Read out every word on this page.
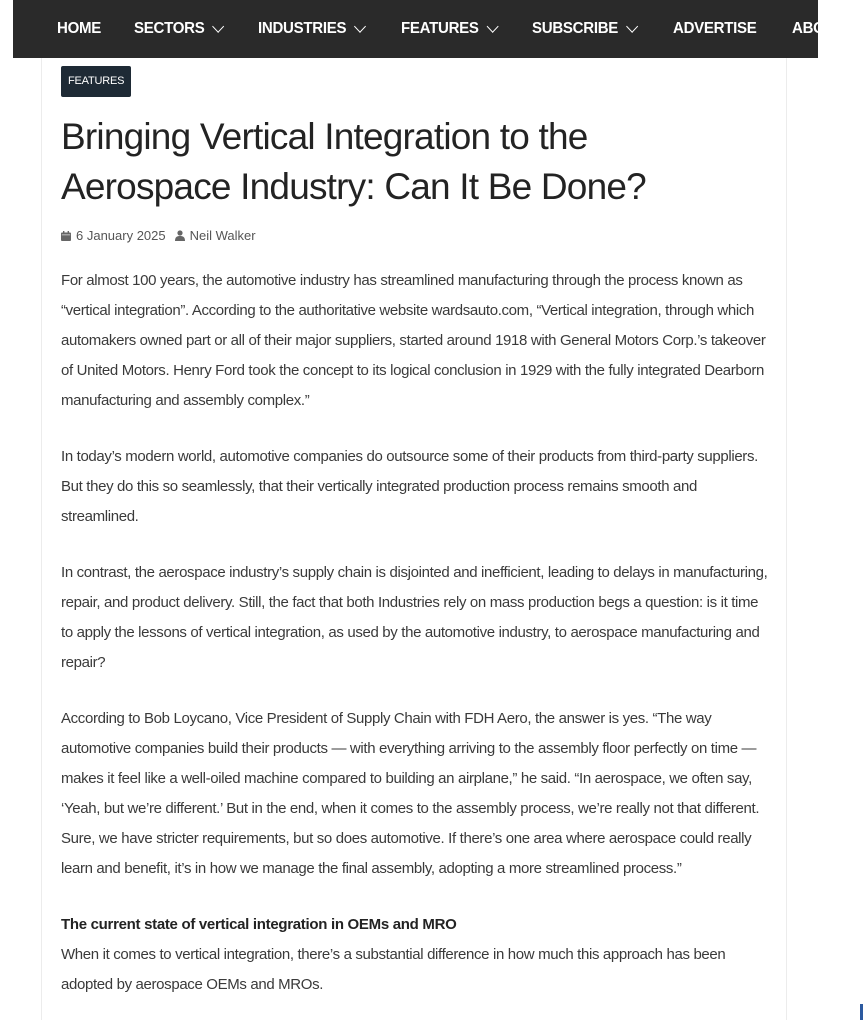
HOME SECTORS	INDUSTRIES	FEATURES	SUBSCRIBE	ADVERTISE ABOUT
FEATURES
Bringing Vertical Integration to the Aerospace Industry: Can It Be Done?
6 January 2025 Neil Walker

For almost 100 years, the automotive industry has streamlined manufacturing through the process known as “vertical integration”. According to the authoritative website wardsauto.com, “Vertical integration, through which automakers owned part or all of their major suppliers, started around 1918 with General Motors Corp.’s takeover of United Motors. Henry Ford took the concept to its logical conclusion in 1929 with the fully integrated Dearborn manufacturing and assembly complex.”

In today’s modern world, automotive companies do outsource some of their products from third-party suppliers. But they do this so seamlessly, that their vertically integrated production process remains smooth and streamlined.

In contrast, the aerospace industry’s supply chain is disjointed and inefficient, leading to delays in manufacturing, repair, and product delivery. Still, the fact that both Industries rely on mass production begs a question: is it time to apply the lessons of vertical integration, as used by the automotive industry, to aerospace manufacturing and repair?

According to Bob Loycano, Vice President of Supply Chain with FDH Aero, the answer is yes. “The way automotive companies build their products — with everything arriving to the assembly floor perfectly on time — makes it feel like a well-oiled machine compared to building an airplane,” he said. “In aerospace, we often say, ‘Yeah, but we’re different.’ But in the end, when it comes to the assembly process, we’re really not that different. Sure, we have stricter requirements, but so does automotive. If there’s one area where aerospace could really learn and benefit, it’s in how we manage the final assembly, adopting a more streamlined process.”

The current state of vertical integration in OEMs and MRO

When it comes to vertical integration, there’s a substantial difference in how much this approach has been adopted by aerospace OEMs and MROs.
